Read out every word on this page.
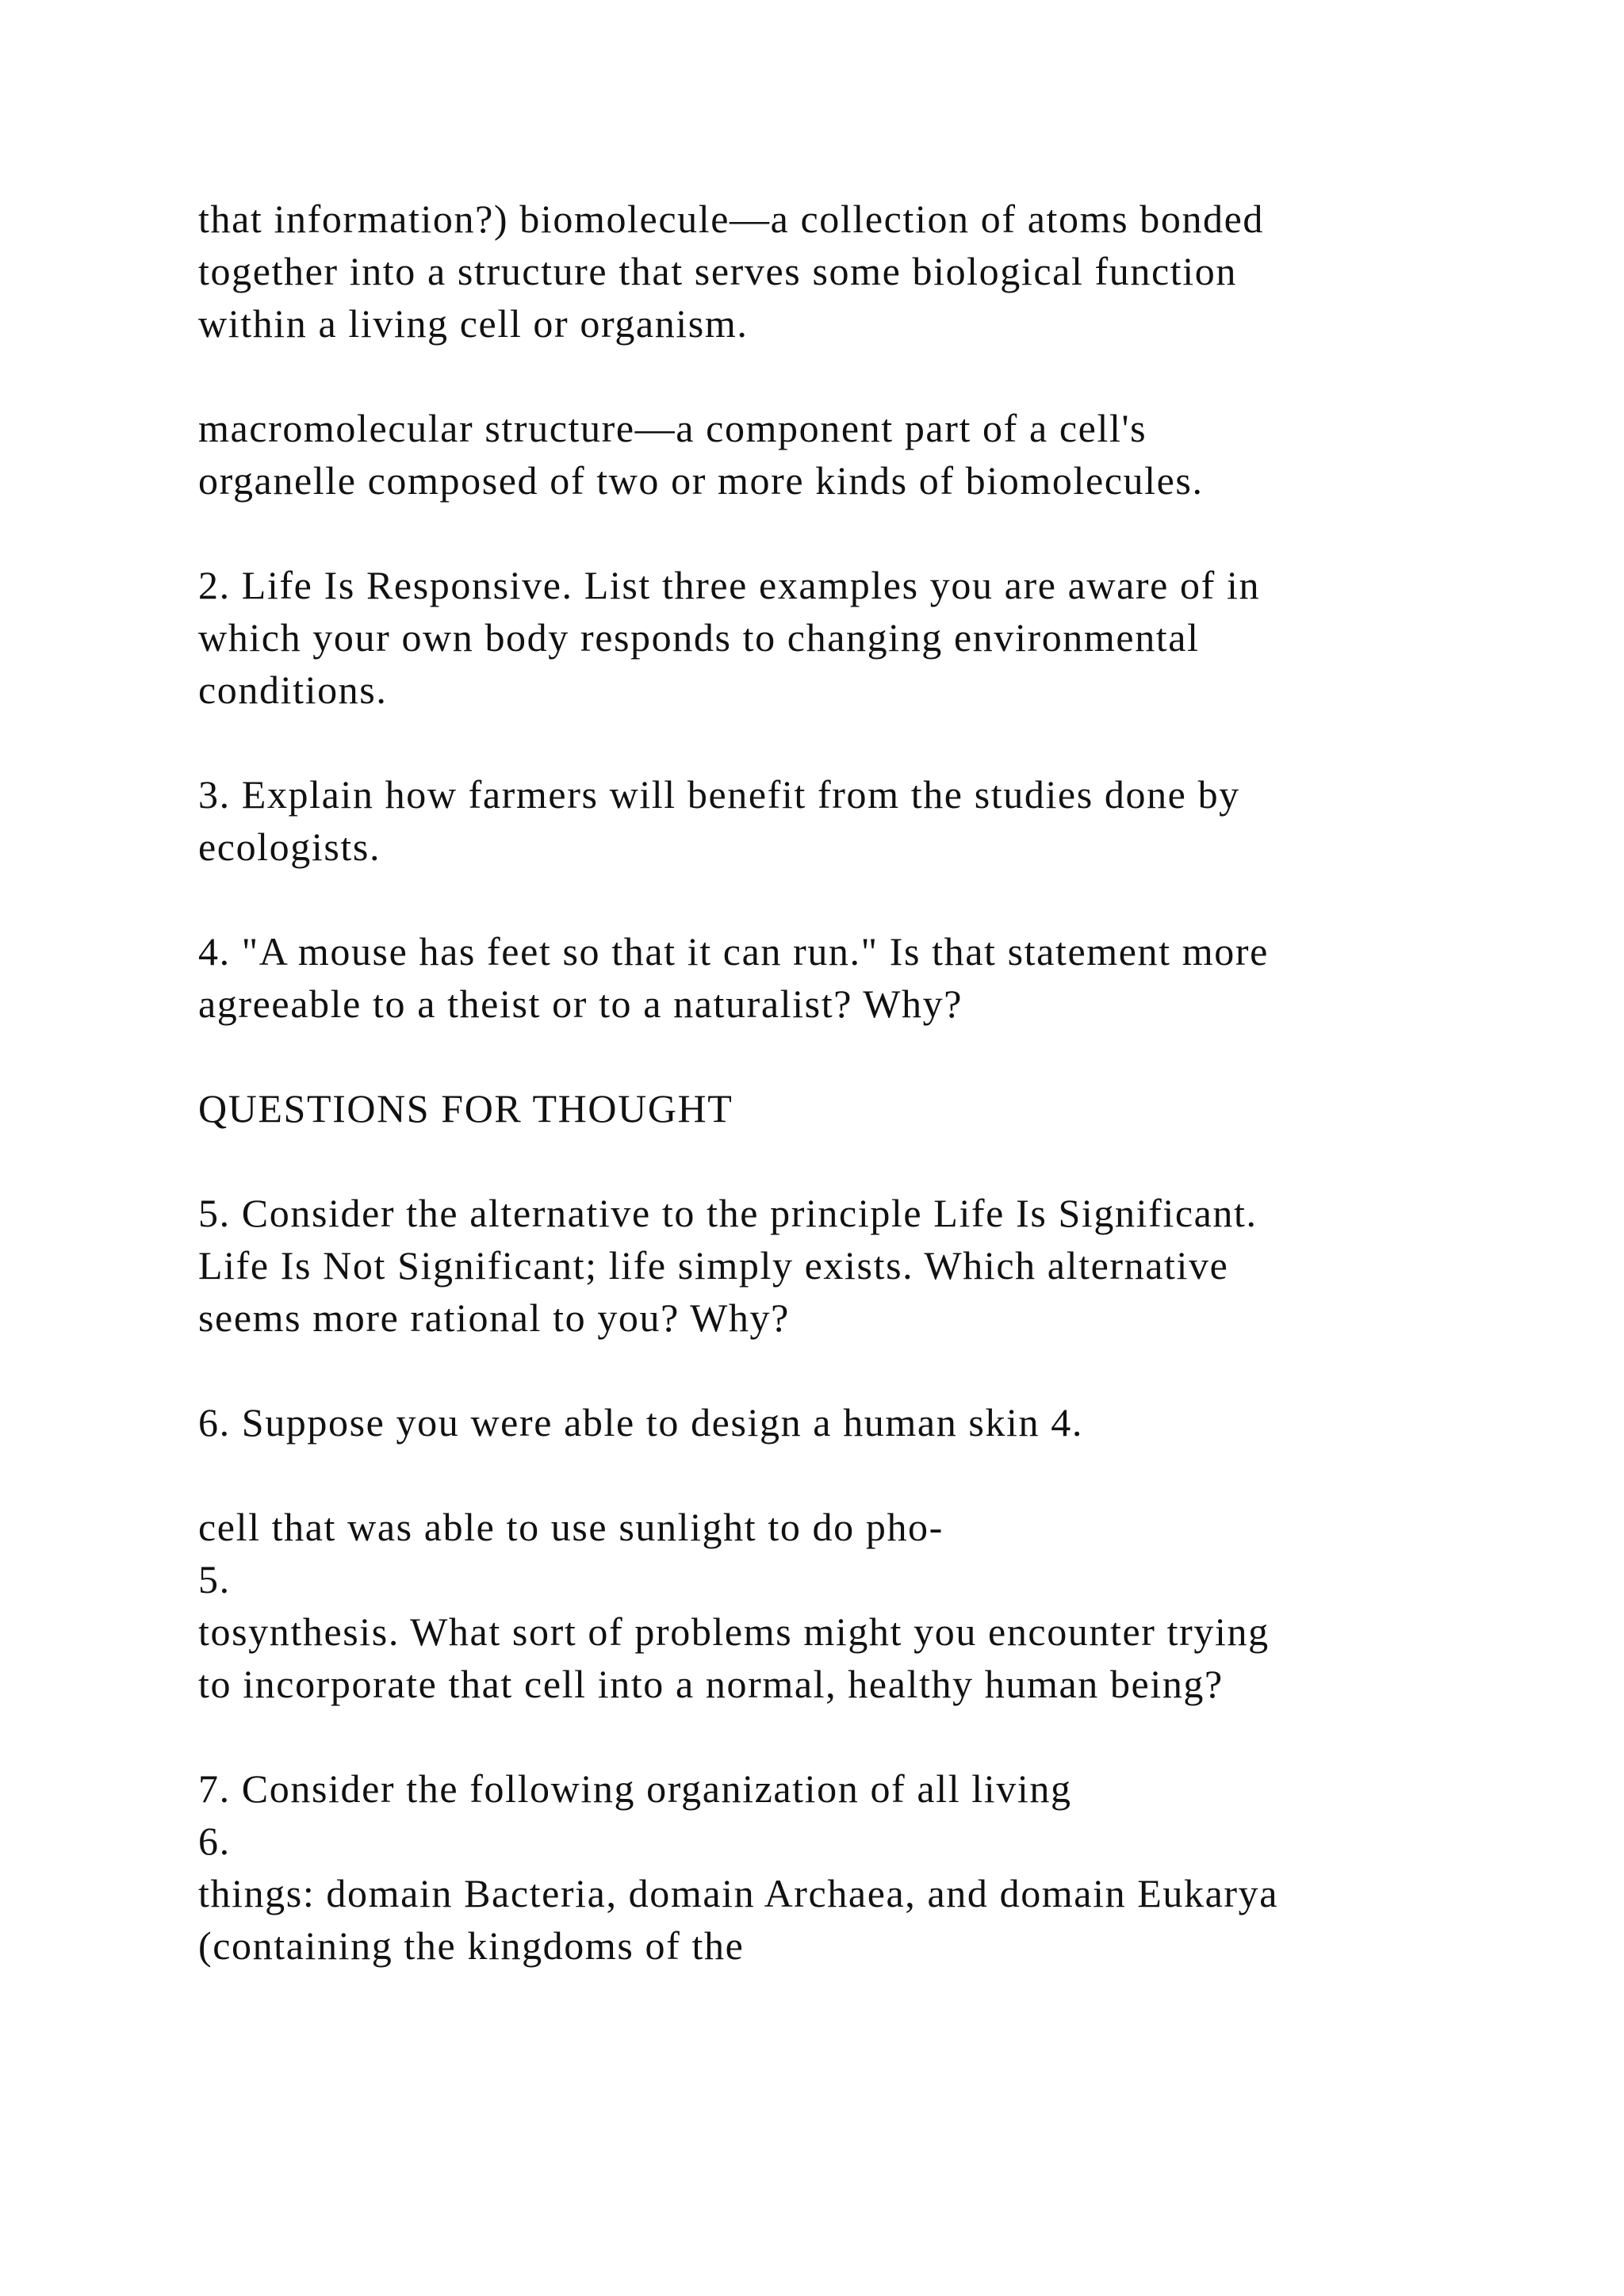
that information?) biomolecule—a collection of atoms bonded
together into a structure that serves some biological function
within a living cell or organism.
macromolecular structure—a component part of a cell's
organelle composed of two or more kinds of biomolecules.
2. Life Is Responsive. List three examples you are aware of in
which your own body responds to changing environmental
conditions.
3. Explain how farmers will benefit from the studies done by
ecologists.
4. "A mouse has feet so that it can run." Is that statement more
agreeable to a theist or to a naturalist? Why?
QUESTIONS FOR THOUGHT
5. Consider the alternative to the principle Life Is Significant.
Life Is Not Significant; life simply exists. Which alternative
seems more rational to you? Why?
6. Suppose you were able to design a human skin 4.
cell that was able to use sunlight to do pho-
5.
tosynthesis. What sort of problems might you encounter trying
to incorporate that cell into a normal, healthy human being?
7. Consider the following organization of all living
6.
things: domain Bacteria, domain Archaea, and domain Eukarya
(containing the kingdoms of the
